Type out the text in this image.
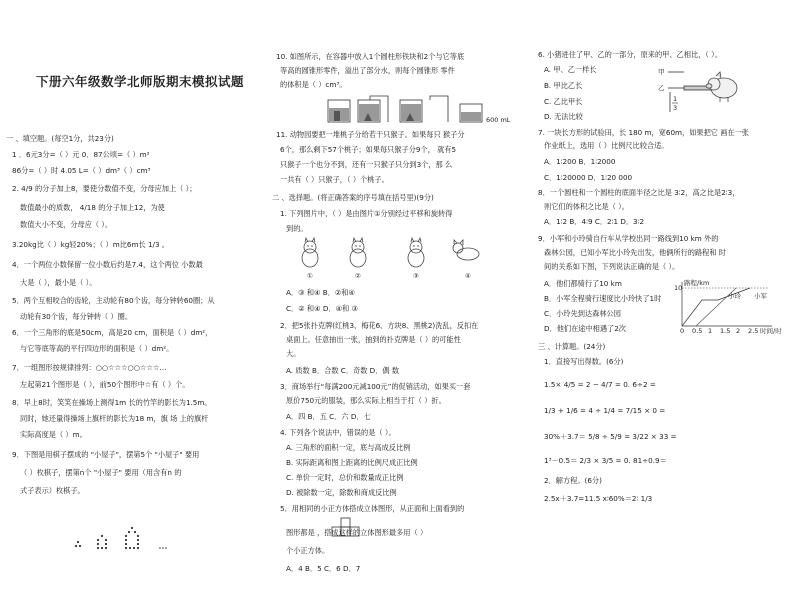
下册六年级数学北师版期末模拟试题
一 、填空题。(每空1分，共23分)
1 ．6元3分=（ ）元 0．87公顷=（ ）m²
86分=（ ）时 4.05 L=（ ）dm³（ ）cm³
2. 4/9 的分子加上8，要使分数值不变，分母应加上（ ）；
数值最小的质数， 4/18 的分子加上12，为使
数值大小不变，分母应（ ）。
3.20kg比（ ）kg轻20%；（ ）m比6m长 1/3 。
4．一个两位小数保留一位小数后约是7.4，这个两位 小数最
大是（ ），最小是（ ）。
5．两个互相咬合的齿轮，主动轮有80个齿，每分钟转60圈；从
动轮有30个齿，每分钟转（ ）圈。
6．一个三角形的底是50cm，高是20 cm，面积是（ ）dm²，
与它等底等高的平行四边形的面积是（ ）dm²。
7．一组图形按规律排列：○○☆☆☆○○☆☆☆…
左起第21个图形是（ ），前50个图形中☆有（ ）个。
8．早上8时，笑笑在操场上测得1m 长的竹竿的影长为1.5m。
同时，她还量得操场上旗杆的影长为18 m，旗 场 上的旗杆
实际高度是（ ）m。
9．下图是用棋子摆成的 "小屋子"，摆第5个 "小屋子" 要用
（ ）枚棋子，摆第n个 "小屋子" 要用（用含有n 的
式子表示）枚棋子。
10. 如图所示，在容器中放入1个圆柱形铁块和2个与它等底
等高的圆锥形零件，溢出了部分水，则每个圆锥形 零件
的体积是（ ）cm³。
600 mL
11. 动物园要把一堆桃子分给若干只猴子。如果每只 猴子分
6个，那么剩下57个桃子；如果每只猴子分9个， 就有5
只猴子一个也分不到，还有一只猴子只分到3个，那 么
一共有（ ）只猴子，（ ）个桃子。
二 、选择题。(将正确答案的序号填在括号里)(9分)
1. 下列图片中，（ ）是由图片①分别经过平移和旋转得
到的。
①	②	③	④
A．③ 和④ B．②和④
C．② 和④ D．④和 ③
2．把5张扑克牌(红桃3、梅花6、方块8、黑桃2)洗乱，反扣在
桌面上。任意抽出一张，抽到的扑克牌是（ ）的可能性
大。
A. 质数 B．合数 C．奇数 D．偶 数
3．商场举行“每满200元减100元”的促销活动，如果买一套
原价750元的服装，那么实际上相当于打（ ）折。
A．四 B．五 C．六 D．七
4. 下列各个说法中，错误的是（ ）。
A. 三角形的面积一定，底与高成反比例
B. 实际距离和图上距离的比例尺成正比例
C. 单价一定时，总价和数量成正比例
D. 被除数一定，除数和商成反比例
5．用相同的小正方体搭成立体图形，从正面和上面看到的
图形都是 ，搭成这样的立体图形最多用（ ）
个小正方体。
A．4 B．5 C．6 D．7
6. 小猪进住了甲、乙的一部分，原来的甲、乙相比，（ ）。
A. 甲、乙一样长
B. 甲比乙长
C. 乙比甲长
D. 无法比较
甲
乙
1
3
7. 一块长方形的试验田，长 180 m，宽60m，如果把它 画在一张
作业纸上，选用（ ）比例尺比较合适。
A．1∶200 B．1∶2000
C．1∶20000 D．1∶20 000
8．一个圆柱和一个圆柱的底面半径之比是 3∶2，高之比是2∶3，
则它们的体积之比是（ ）。
A．1∶2 B．4∶9 C．2∶1 D．3∶2
9．小军和小玲骑自行车从学校出同一路线到10 km 外的
森林公园，已知小军比小玲先出发，他俩所行的路程和 时
间的关系如下图，下列说法正确的是（ ）。
A．他们都骑行了10 km
B．小军全程骑行速度比小玲快了1时
C．小玲先到达森林公园
D．他们在途中相遇了2次
路程/km
10
小玲 小军
0 0.5 1 1.5 2 2.5 时间/时
三 、计算题。(24分)
1．直接写出得数。(6分)
1.5× 4/5 = 2 − 4/7 = 0. 6÷2 =
1/3 + 1/6 = 4 ÷ 1/4 = 7/15 × 0 =
30%＋3.7＝ 5/8 ÷ 5/9 = 3/22 × 33 =
1³－0.5＝ 2/3 × 3/5 = 0. 81÷0.9＝
2．解方程。(6分)
2.5x＋3.7=11.5 x∶60%＝2∶ 1/3
